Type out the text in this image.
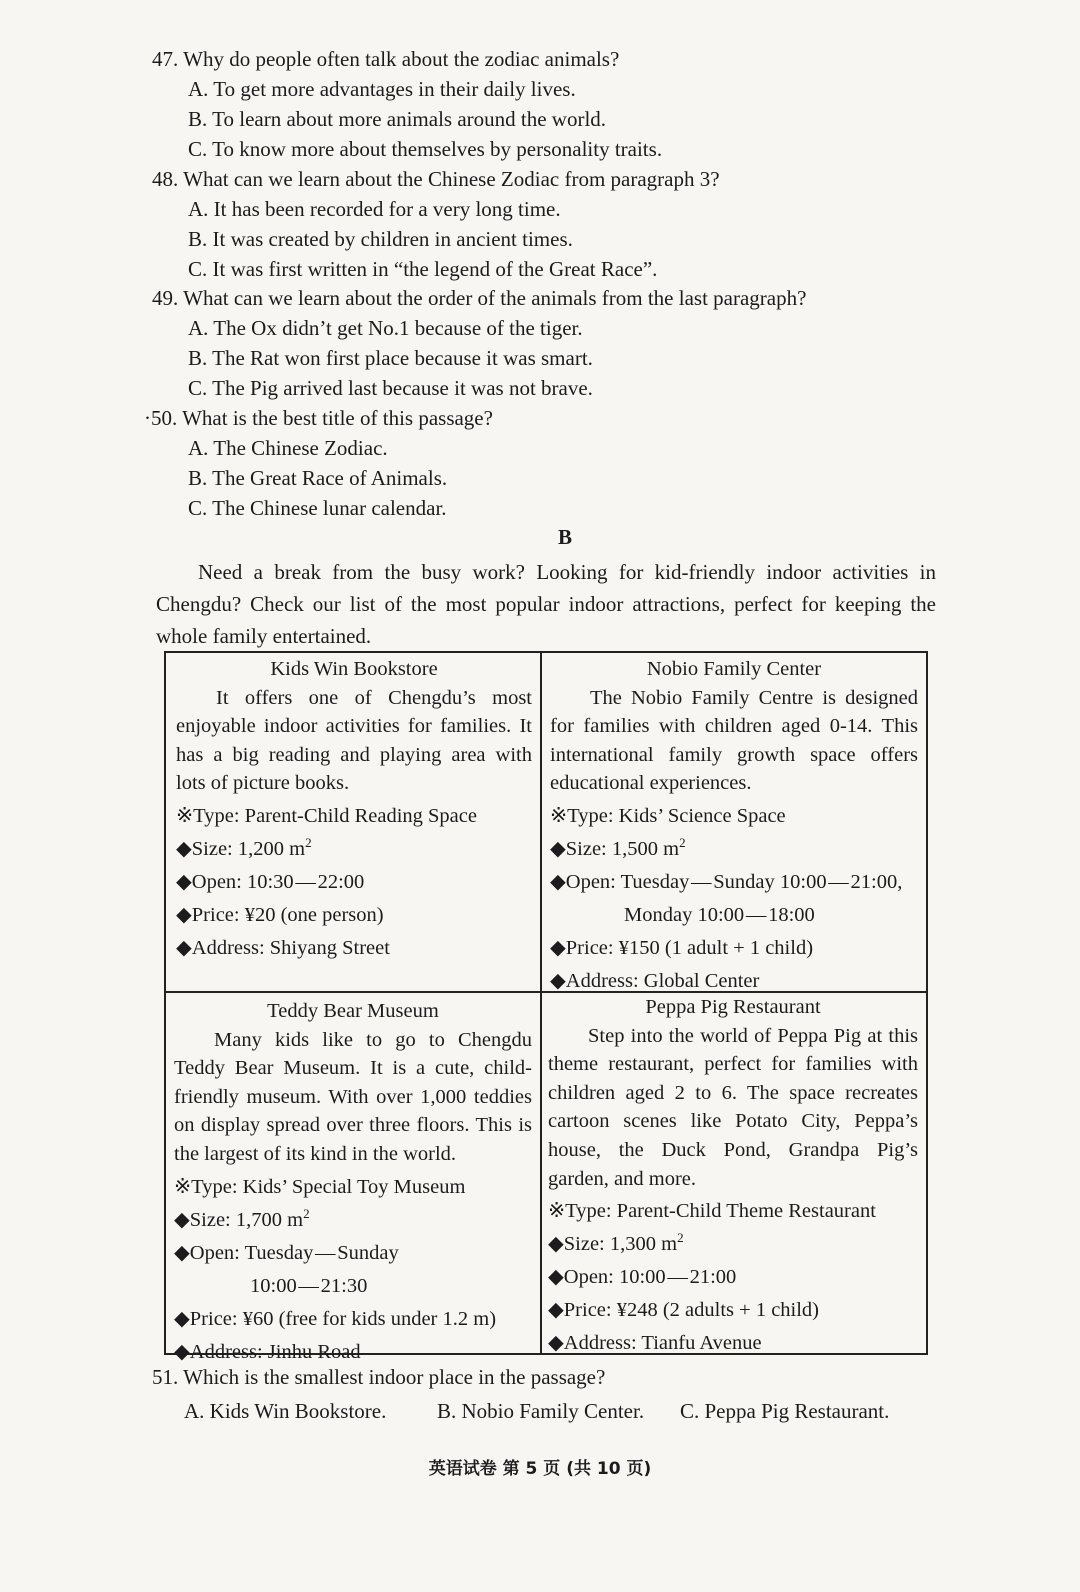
47. Why do people often talk about the zodiac animals?
A. To get more advantages in their daily lives.
B. To learn about more animals around the world.
C. To know more about themselves by personality traits.
48. What can we learn about the Chinese Zodiac from paragraph 3?
A. It has been recorded for a very long time.
B. It was created by children in ancient times.
C. It was first written in “the legend of the Great Race”.
49. What can we learn about the order of the animals from the last paragraph?
A. The Ox didn’t get No.1 because of the tiger.
B. The Rat won first place because it was smart.
C. The Pig arrived last because it was not brave.
·50. What is the best title of this passage?
A. The Chinese Zodiac.
B. The Great Race of Animals.
C. The Chinese lunar calendar.
B
Need a break from the busy work? Looking for kid-friendly indoor activities in Chengdu? Check our list of the most popular indoor attractions, perfect for keeping the whole family entertained.
Kids Win Bookstore
It offers one of Chengdu’s most enjoyable indoor activities for families. It has a big reading and playing area with lots of picture books.
※Type: Parent-Child Reading Space
◆Size: 1,200 $m^2$
◆Open: 10:30 — 22:00
◆Price: ¥20 (one person)
◆Address: Shiyang Street
Nobio Family Center
The Nobio Family Centre is designed for families with children aged 0-14. This international family growth space offers educational experiences.
※Type: Kids’ Science Space
◆Size: 1,500 $m^2$
◆Open: Tuesday — Sunday 10:00 — 21:00,
Monday 10:00 — 18:00
◆Price: ¥150 (1 adult + 1 child)
◆Address: Global Center
Teddy Bear Museum
Many kids like to go to Chengdu Teddy Bear Museum. It is a cute, child-friendly museum. With over 1,000 teddies on display spread over three floors. This is the largest of its kind in the world.
※Type: Kids’ Special Toy Museum
◆Size: 1,700 $m^2$
◆Open: Tuesday — Sunday
10:00 — 21:30
◆Price: ¥60 (free for kids under 1.2 m)
◆Address: Jinhu Road
Peppa Pig Restaurant
Step into the world of Peppa Pig at this theme restaurant, perfect for families with children aged 2 to 6. The space recreates cartoon scenes like Potato City, Peppa’s house, the Duck Pond, Grandpa Pig’s garden, and more.
※Type: Parent-Child Theme Restaurant
◆Size: 1,300 $m^2$
◆Open: 10:00 — 21:00
◆Price: ¥248 (2 adults + 1 child)
◆Address: Tianfu Avenue
51. Which is the smallest indoor place in the passage?
A. Kids Win Bookstore. B. Nobio Family Center. C. Peppa Pig Restaurant.
英语试卷 第 5 页 (共 10 页)
